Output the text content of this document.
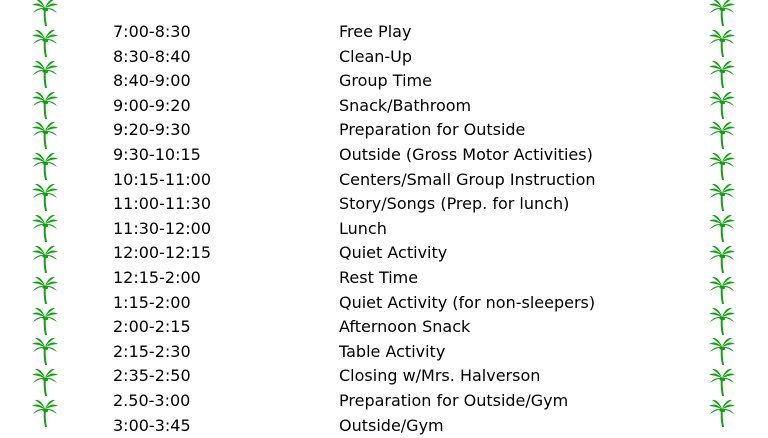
7:00-8:30	Free Play
8:30-8:40	Clean-Up
8:40-9:00	Group Time
9:00-9:20	Snack/Bathroom
9:20-9:30	Preparation for Outside
9:30-10:15	Outside (Gross Motor Activities)
10:15-11:00	Centers/Small Group Instruction
11:00-11:30	Story/Songs (Prep. for lunch)
11:30-12:00	Lunch
12:00-12:15	Quiet Activity
12:15-2:00	Rest Time
1:15-2:00	Quiet Activity (for non-sleepers)
2:00-2:15	Afternoon Snack
2:15-2:30	Table Activity
2:35-2:50	Closing w/Mrs. Halverson
2.50-3:00	Preparation for Outside/Gym
3:00-3:45	Outside/Gym
